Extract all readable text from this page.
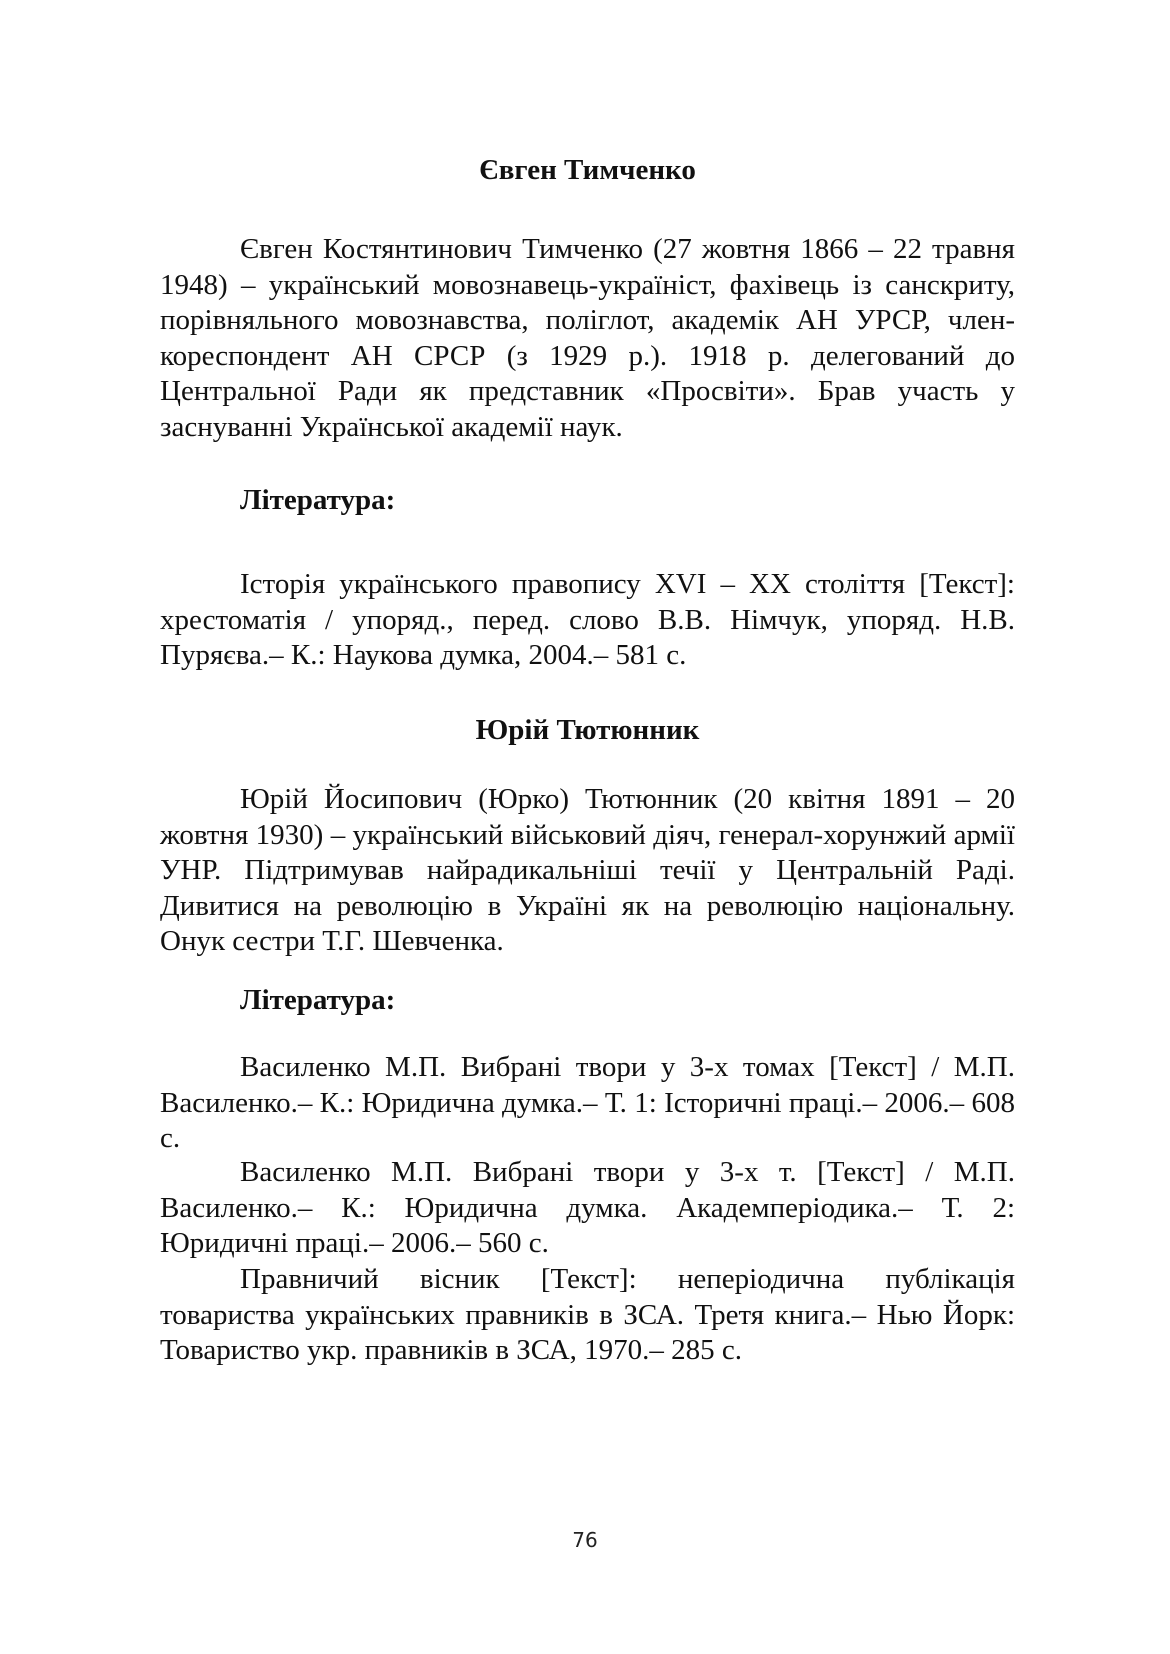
Євген Тимченко

Євген Костянтинович Тимченко (27 жовтня 1866 – 22 травня 1948) – український мовознавець-україніст, фахівець із санскриту, порівняльного мовознавства, поліглот, академік АН УРСР, член-кореспондент АН СРСР (з 1929 р.). 1918 р. делегований до Центральної Ради як представник «Просвіти». Брав участь у заснуванні Української академії наук.

Література:

Історія українського правопису XVI – XX століття [Текст]: хрестоматія / упоряд., перед. слово В.В. Німчук, упоряд. Н.В. Пуряєва.– К.: Наукова думка, 2004.– 581 с.

Юрій Тютюнник

Юрій Йосипович (Юрко) Тютюнник (20 квітня 1891 – 20 жовтня 1930) – український військовий діяч, генерал-хорунжий армії УНР. Підтримував найрадикальніші течії у Центральній Раді. Дивитися на революцію в Україні як на революцію національну. Онук сестри Т.Г. Шевченка.

Література:

Василенко М.П. Вибрані твори у 3-х томах [Текст] / М.П. Василенко.– К.: Юридична думка.– Т. 1: Історичні праці.– 2006.– 608 с.

Василенко М.П. Вибрані твори у 3-х т. [Текст] / М.П. Василенко.– К.: Юридична думка. Академперіодика.– Т. 2: Юридичні праці.– 2006.– 560 с.

Правничий вісник [Текст]: неперіодична публікація товариства українських правників в ЗСА. Третя книга.– Нью Йорк: Товариство укр. правників в ЗСА, 1970.– 285 с.

76
